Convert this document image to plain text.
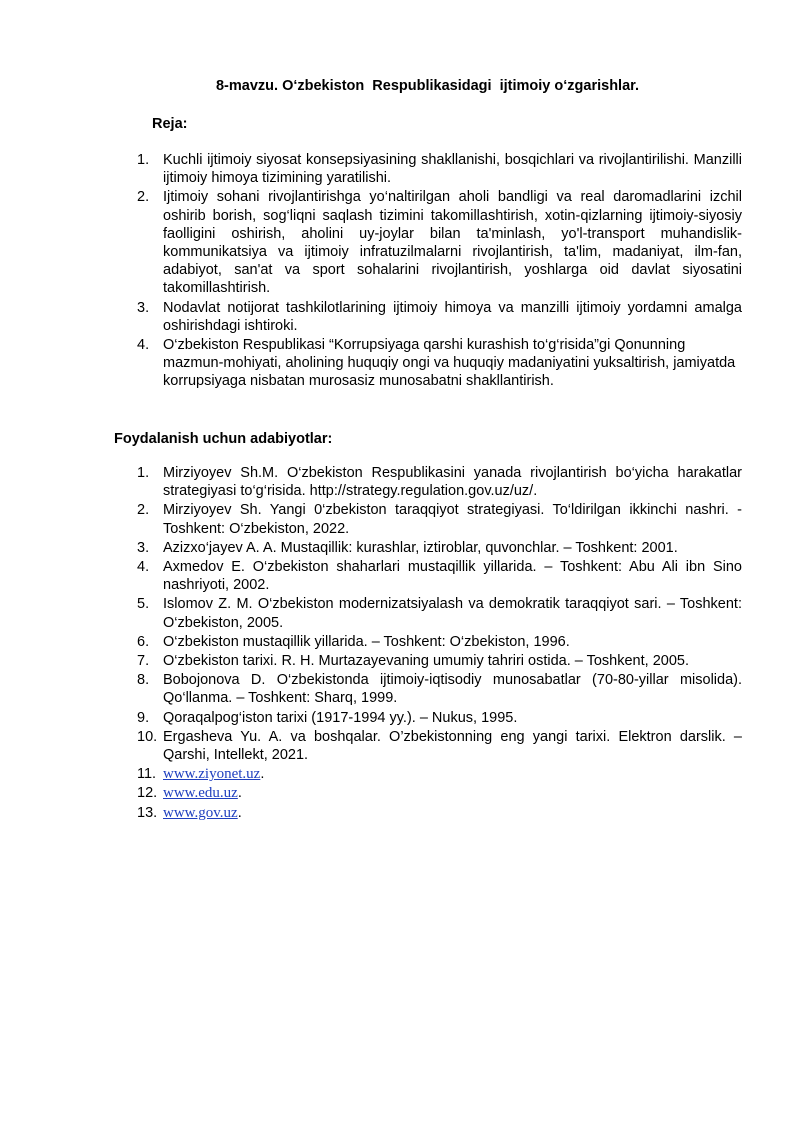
8-mavzu. O‘zbekiston  Respublikasidagi  ijtimoiy o‘zgarishlar.
Reja:
1. Kuchli ijtimoiy siyosat konsepsiyasining shakllanishi, bosqichlari va rivojlantirilishi. Manzilli ijtimoiy himoya tizimining yaratilishi.
2. Ijtimoiy sohani rivojlantirishga yo‘naltirilgan aholi bandligi va real daromadlarini izchil oshirib borish, sog‘liqni saqlash tizimini takomillashtirish, xotin-qizlarning ijtimoiy-siyosiy faolligini oshirish, aholini uy-joylar bilan ta'minlash, yo'l-transport muhandislik-kommunikatsiya va ijtimoiy infratuzilmalarni rivojlantirish, ta'lim, madaniyat, ilm-fan, adabiyot, san'at va sport sohalarini rivojlantirish, yoshlarga oid davlat siyosatini takomillashtirish.
3. Nodavlat notijorat tashkilotlarining ijtimoiy himoya va manzilli ijtimoiy yordamni amalga oshirishdagi ishtiroki.
4. O‘zbekiston Respublikasi “Korrupsiyaga qarshi kurashish to‘g‘risida”gi Qonunning mazmun-mohiyati, aholining huquqiy ongi va huquqiy madaniyatini yuksaltirish, jamiyatda korrupsiyaga nisbatan murosasiz munosabatni shakllantirish.
Foydalanish uchun adabiyotlar:
1. Mirziyoyev Sh.M. O‘zbekiston Respublikasini yanada rivojlantirish bo‘yicha harakatlar strategiyasi to‘g‘risida. http://strategy.regulation.gov.uz/uz/.
2. Mirziyoyev Sh. Yangi 0‘zbekiston taraqqiyot strategiyasi. To‘ldirilgan ikkinchi nashri. - Toshkent: O‘zbekiston, 2022.
3. Azizxo‘jayev A. A. Mustaqillik: kurashlar, iztiroblar, quvonchlar. – Toshkent: 2001.
4. Axmedov E. O‘zbekiston shaharlari mustaqillik yillarida. – Toshkent: Abu Ali ibn Sino nashriyoti, 2002.
5. Islomov Z. M. O‘zbekiston modernizatsiyalash va demokratik taraqqiyot sari. – Toshkent: O‘zbekiston, 2005.
6. O‘zbekiston mustaqillik yillarida. – Toshkent: O‘zbekiston, 1996.
7. O‘zbekiston tarixi. R. H. Murtazayevaning umumiy tahriri ostida. – Toshkent, 2005.
8. Bobojonova D. O‘zbekistonda ijtimoiy-iqtisodiy munosabatlar (70-80-yillar misolida). Qo‘llanma. – Toshkent: Sharq, 1999.
9. Qoraqalpog‘iston tarixi (1917-1994 yy.). – Nukus, 1995.
10. Ergasheva Yu. A. va boshqalar. O’zbekistonning eng yangi tarixi. Elektron darslik. – Qarshi, Intellekt, 2021.
11. www.ziyonet.uz.
12. www.edu.uz.
13. www.gov.uz.
